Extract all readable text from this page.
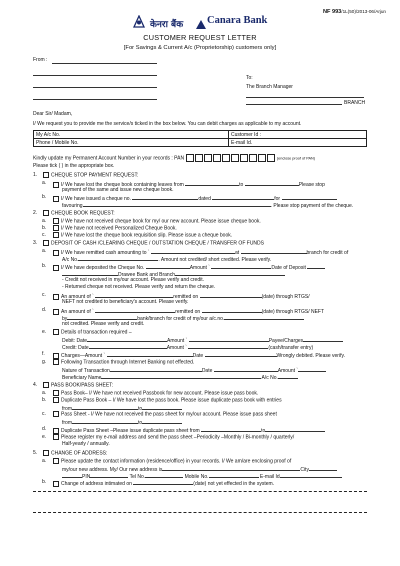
NF 993/1L(50)/2013-06/Arjun
केनरा बैंक Canara Bank
CUSTOMER REQUEST LETTER
[For Savings & Current A/c (Proprietorship) customers only]
From :
To:
The Branch Manager
BRANCH
Dear Sir/ Madam,
I/ We request you to provide me the service/s ticked in the box below. You can debit charges as applicable to my account.
My A/c No.	Customer Id :
Phone / Mobile No.	E-mail Id.
Kindly update my Permanent Account Number in your records : PAN	(enclose proof of PAN)
Please tick ( ) in the appropriate box.
1.	CHEQUE STOP PAYMENT REQUEST:
a.	I/ We have lost the cheque book containing leaves from	to	Please stop
payment of the same and issue new cheque book.
b.	I/ We have issued a cheque no.	dated	for
favouring	. Please stop payment of the cheque.
2.	CHEQUE BOOK REQUEST:
a.	I/ We have not received cheque book for my/ our new account. Please issue cheque book.
b.	I/ We have not received Personalized Cheque Book.
c.	I/ We have lost the cheque book requisition slip. Please issue a cheque book.
3.	DEPOSIT OF CASH /CLEARING CHEQUE / OUTSTATION CHEQUE / TRANSFER OF FUNDS
a.	I/ We have remitted cash amounting to `	at	branch for credit of
A/c No.	. Amount not credited/ short credited. Please verify.
b.	I/ We have deposited the Cheque No.	Amount `	Date of Deposit
Drawee Bank and Branch
- Credit not received in my/our account. Please verify and credit.
- Returned cheque not received. Please verify and return the cheque.
c.	An amount of `	remitted on	(date) through RTGS/
NEFT not credited to beneficiary's account. Please verify.
d.	An amount of `	remitted on	(date) through RTGS/ NEFT
by	bank/branch for credit of my/our a/c.no.
not credited. Please verify and credit.
e.	Details of transaction required –
Debit: Date	Amount `	Payee/Charges
Credit: Date	Amount `	(cash/transfer entry)
f.	Charges—Amount `	Date	Wrongly debited. Please verify.
g.	Following Transaction through Internet Banking not effected.
Nature of Transaction	Date	Amount `
Beneficiary Name	A/c No.
4.	PASS BOOK/PASS SHEET:
a.	Pass Book– I/ We have not received Passbook for new account. Please issue pass book.
b.	Duplicate Pass Book – I/ We have lost the pass book. Please issue duplicate pass book with entries
from	to
c.	Pass Sheet - I/ We have not received the pass sheet for my/our account. Please issue pass sheet
from	to
d.	Duplicate Pass Sheet –Please issue duplicate pass sheet from	to
e.	Please register my e-mail address and send the pass sheet –Periodicity –Monthly / Bi-monthly / quarterly/
Half-yearly / annually.
5.	CHANGE OF ADDRESS:
a.	Please update the contact information (residence/office) in your records. I/ We am/are enclosing proof of
my/our new address. My/ Our new address is	City
PIN	Tel No.	Mobile No.	E-mail Id
b.	Change of address intimated on	(date) not yet effected in the system.
